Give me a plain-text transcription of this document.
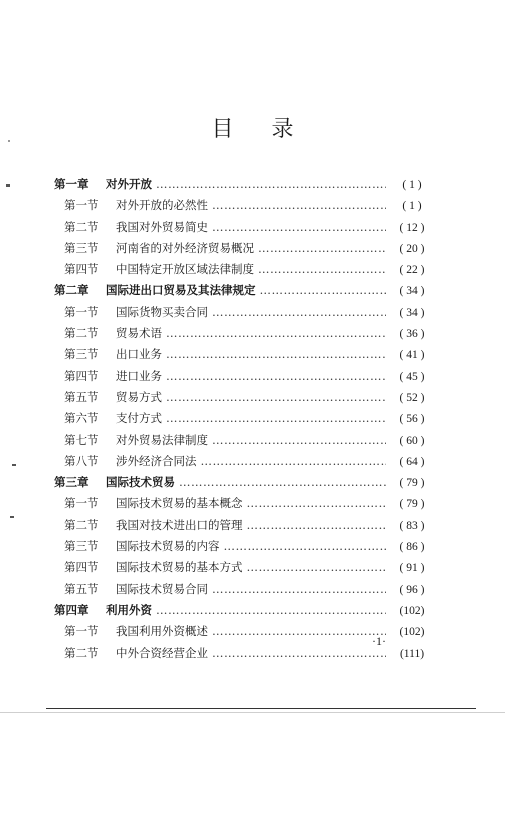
目 录
第一章	对外开放 ………………………………………………………………………………………………………………………………	( 1 )
第一节	对外开放的必然性 ………………………………………………………………………………………………………………………………	( 1 )
第二节	我国对外贸易简史 ………………………………………………………………………………………………………………………………	( 12 )
第三节	河南省的对外经济贸易概况 ………………………………………………………………………………………………………………………………	( 20 )
第四节	中国特定开放区域法律制度 ………………………………………………………………………………………………………………………………	( 22 )
第二章	国际进出口贸易及其法律规定 ………………………………………………………………………………………………………………………………	( 34 )
第一节	国际货物买卖合同 ………………………………………………………………………………………………………………………………	( 34 )
第二节	贸易术语 ………………………………………………………………………………………………………………………………	( 36 )
第三节	出口业务 ………………………………………………………………………………………………………………………………	( 41 )
第四节	进口业务 ………………………………………………………………………………………………………………………………	( 45 )
第五节	贸易方式 ………………………………………………………………………………………………………………………………	( 52 )
第六节	支付方式 ………………………………………………………………………………………………………………………………	( 56 )
第七节	对外贸易法律制度 ………………………………………………………………………………………………………………………………	( 60 )
第八节	涉外经济合同法 ………………………………………………………………………………………………………………………………	( 64 )
第三章	国际技术贸易 ………………………………………………………………………………………………………………………………	( 79 )
第一节	国际技术贸易的基本概念 ………………………………………………………………………………………………………………………………	( 79 )
第二节	我国对技术进出口的管理 ………………………………………………………………………………………………………………………………	( 83 )
第三节	国际技术贸易的内容 ………………………………………………………………………………………………………………………………	( 86 )
第四节	国际技术贸易的基本方式 ………………………………………………………………………………………………………………………………	( 91 )
第五节	国际技术贸易合同 ………………………………………………………………………………………………………………………………	( 96 )
第四章	利用外资 ………………………………………………………………………………………………………………………………	(102)
第一节	我国利用外资概述 ………………………………………………………………………………………………………………………………	(102)
第二节	中外合资经营企业 ………………………………………………………………………………………………………………………………	(111)
·1·
